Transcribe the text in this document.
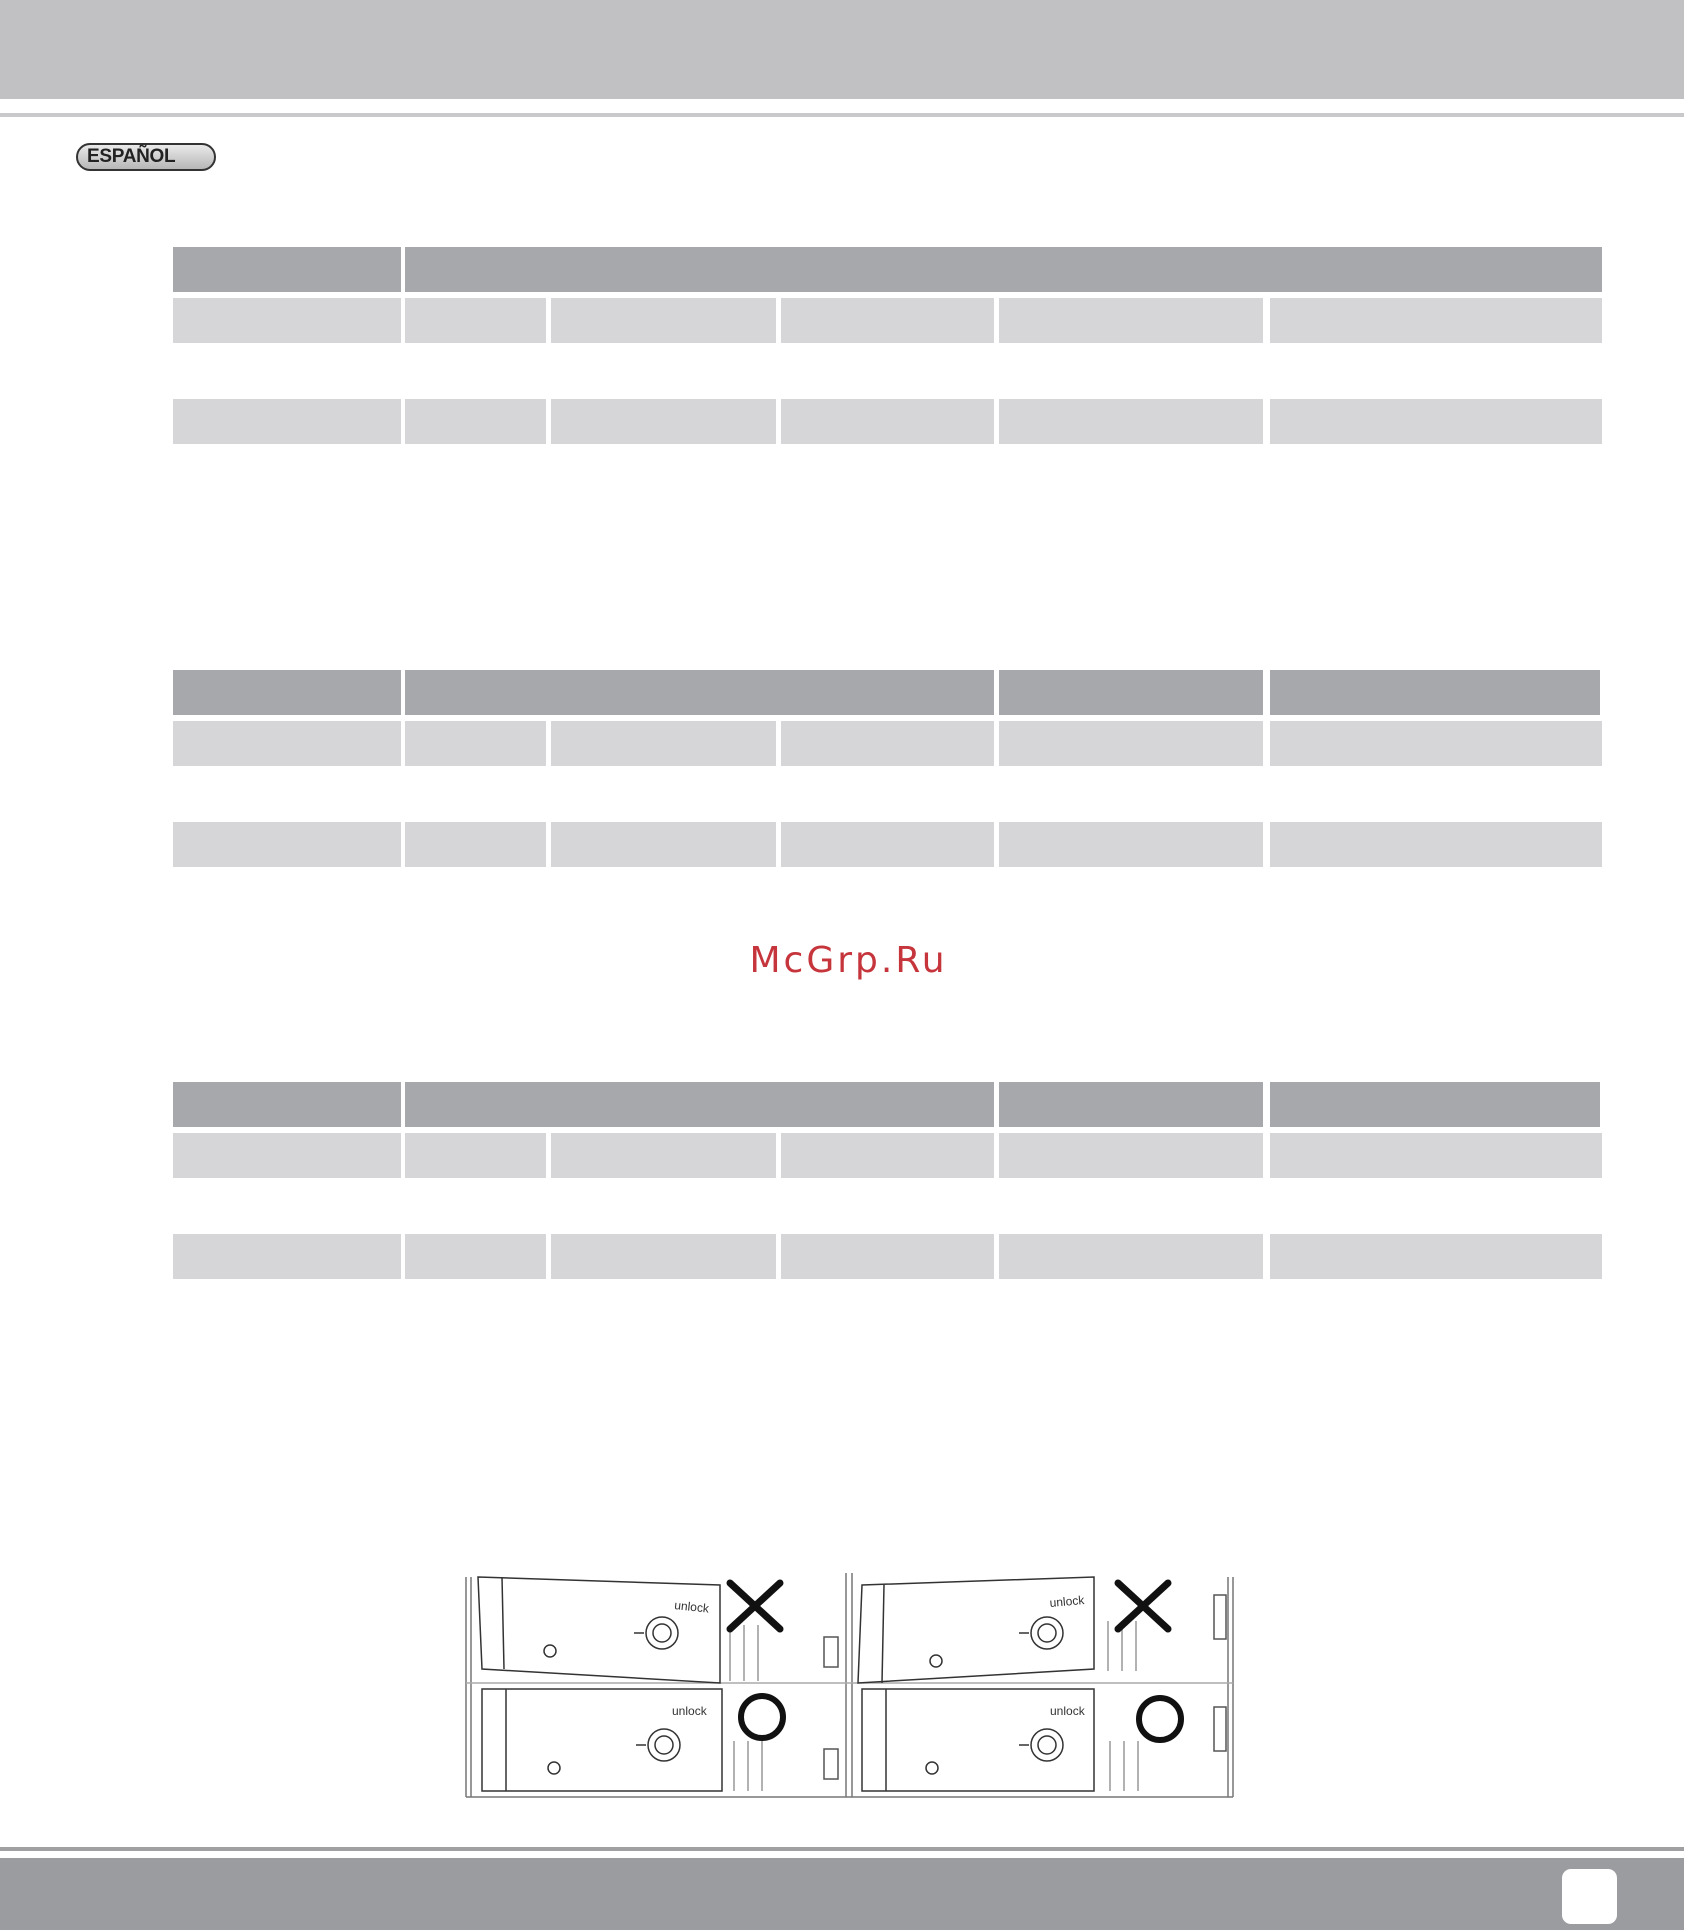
ESPAÑOL
McGrp.Ru
unlock	unlock
unlock	unlock
